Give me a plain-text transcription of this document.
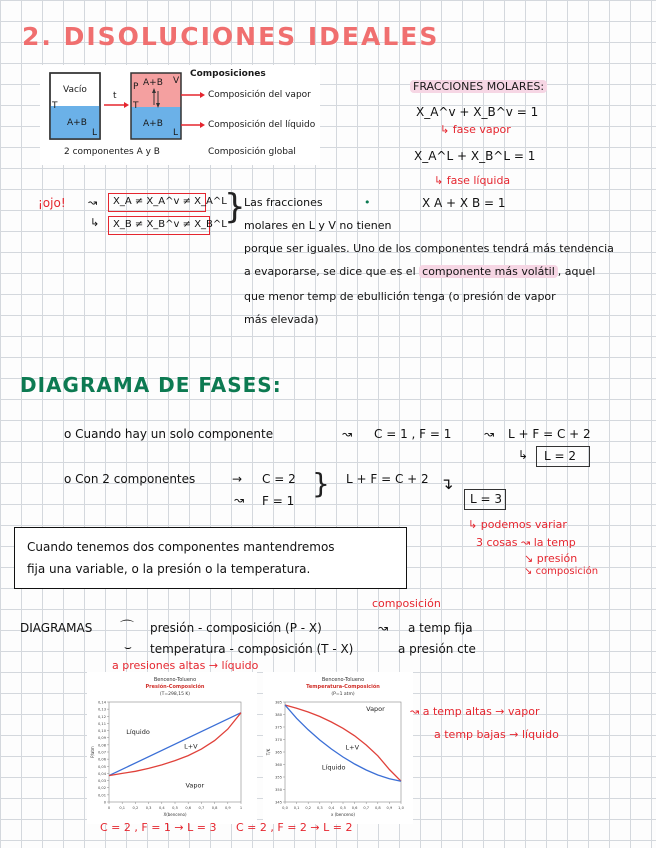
2. DISOLUCIONES IDEALES
Vacío
A+B
T
L
t
P A+B V
T
A+B
L
2 componentes A y B
Composiciones
Composición del vapor
Composición del líquido
Composición global
FRACCIONES MOLARES:
X_A^v + X_B^v = 1
↳ fase vapor
X_A^L + X_B^L = 1
↳ fase líquida
X A + X B = 1
¡ojo! ↝
↳
X_A ≠ X_A^v ≠ X_A^L
X_B ≠ X_B^v ≠ X_B^L
}
Las fracciones	•
molares en L y V no tienen
porque ser iguales. Uno de los componentes tendrá más tendencia
a evaporarse, se dice que es el componente más volátil , aquel
que menor temp de ebullición tenga (o presión de vapor
más elevada)
DIAGRAMA DE FASES:
o Cuando hay un solo componente	↝ C = 1 , F = 1	↝ L + F = C + 2
↳ L = 2
o Con 2 componentes	→ C = 2
↝ F = 1
} L + F = C + 2 ↴
L = 3
↳ podemos variar
3 cosas ↝ la temp
↘ presión
↘ composición
Cuando tenemos dos componentes mantendremos
fija una variable, o la presión o la temperatura.
composición
DIAGRAMAS ⌒ presión - composición (P - X)	↝ a temp fija
⌣ temperatura - composición (T - X)	a presión cte
a presiones altas → líquido
Benceno-Tolueno
Presión-Composición
(T=298,15 K)
0
0,01
0,02
0,03
0,04
0,05
0,06
0,07
0,08
0,09
0,10
0,11
0,12
0,13
0,14
0	0,1 0,2 0,3 0,4 0,5 0,6 0,7 0,8 0,9	1
X(benceno)
P/atm
Líquido
L+V
Vapor
Benceno-Tolueno
Temperatura-Composición
(P=1 atm)
345
350
355
360
365
370
375
380
385
0,0 0,1 0,2 0,3 0,4 0,5 0,6 0,7 0,8 0,9 1,0
x (benceno)
T/K
Vapor
L+V
Líquido
↝ a temp altas → vapor
a temp bajas → líquido
C = 2 , F = 1 → L = 3 C = 2 , F = 2 → L = 2
